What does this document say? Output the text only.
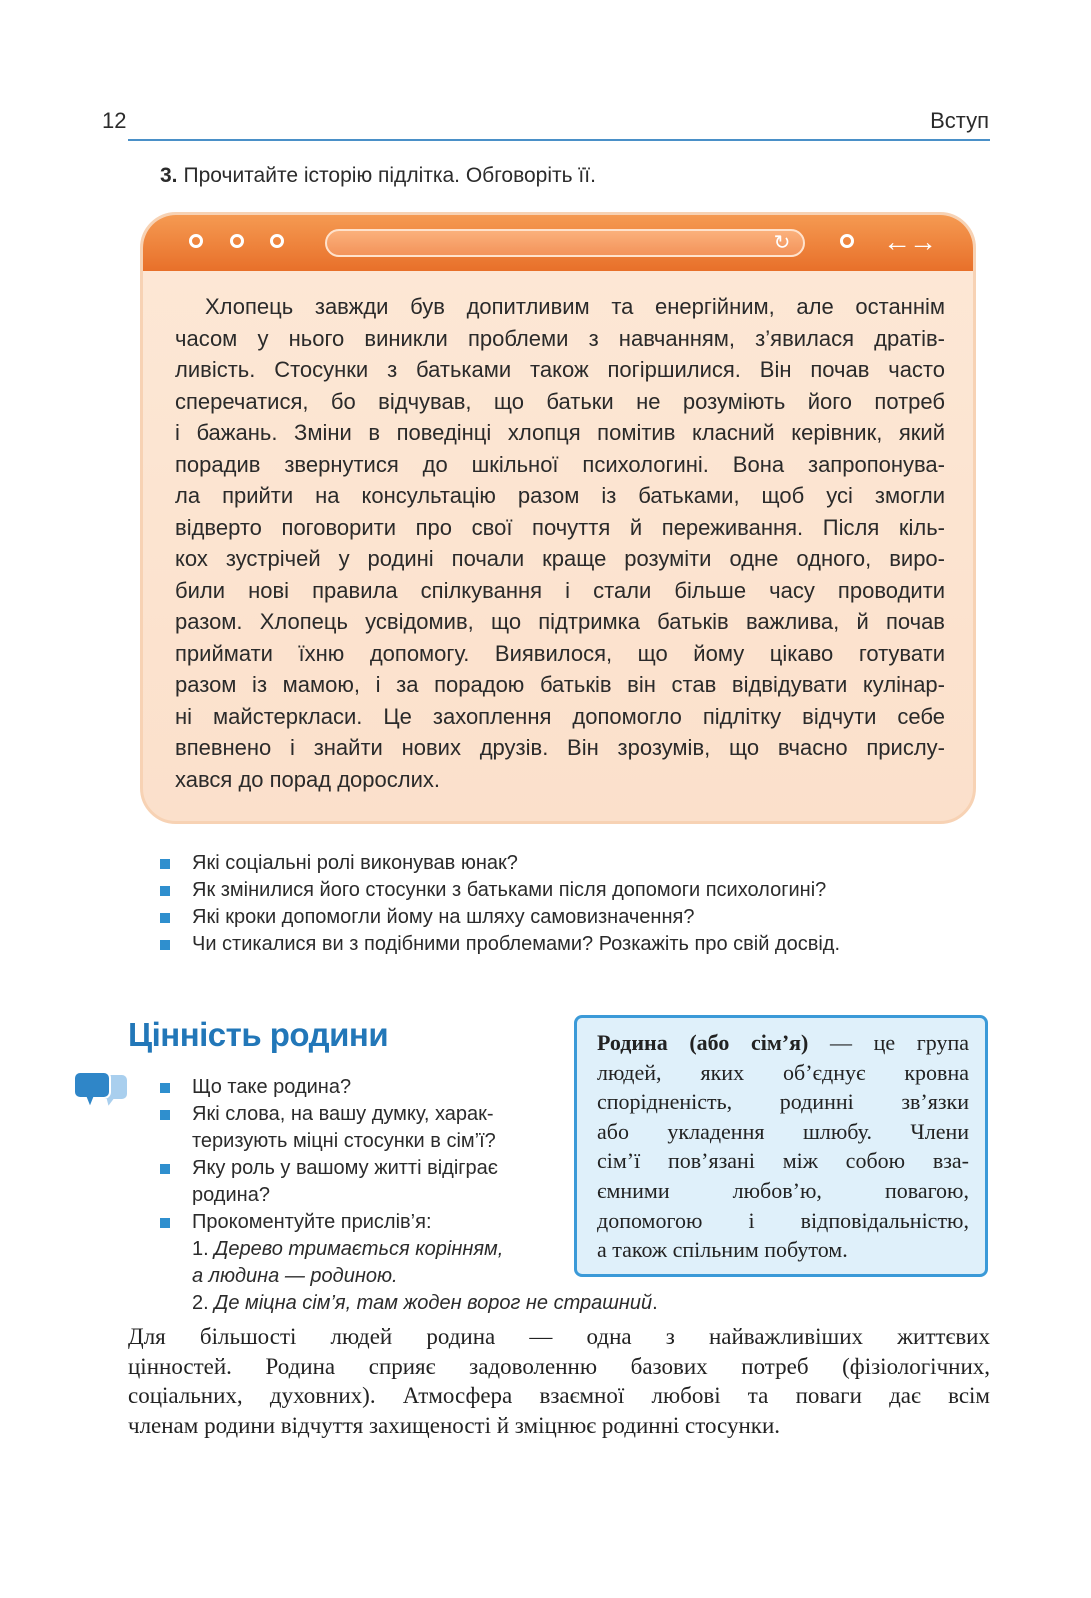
12	Вступ
3. Прочитайте історію підлітка. Обговоріть її.
↻	←→
Хлопець завжди був допитливим та енергійним, але останнім
часом у нього виникли проблеми з навчанням, з’явилася дратів-
ливість. Стосунки з батьками також погіршилися. Він почав часто
сперечатися, бо відчував, що батьки не розуміють його потреб
і бажань. Зміни в поведінці хлопця помітив класний керівник, який
порадив звернутися до шкільної психологині. Вона запропонува-
ла прийти на консультацію разом із батьками, щоб усі змогли
відверто поговорити про свої почуття й переживання. Після кіль-
кох зустрічей у родині почали краще розуміти одне одного, виро-
били нові правила спілкування і стали більше часу проводити
разом. Хлопець усвідомив, що підтримка батьків важлива, й почав
приймати їхню допомогу. Виявилося, що йому цікаво готувати
разом із мамою, і за порадою батьків він став відвідувати кулінар-
ні майстеркласи. Це захоплення допомогло підлітку відчути себе
впевнено і знайти нових друзів. Він зрозумів, що вчасно прислу-
хався до порад дорослих.
Які соціальні ролі виконував юнак?
Як змінилися його стосунки з батьками після допомоги психологині?
Які кроки допомогли йому на шляху самовизначення?
Чи стикалися ви з подібними проблемами? Розкажіть про свій досвід.
Цінність родини
Що таке родина?
Які слова, на вашу думку, харак-
теризують міцні стосунки в сім’ї?
Яку роль у вашому житті відіграє
родина?
Прокоментуйте прислів’я:
1. Дерево тримається корінням,
а людина — родиною.
2. Де міцна сім’я, там жоден ворог не страшний.
Родина (або сім’я) — це група
людей, яких об’єднує кровна
спорідненість, родинні зв’язки
або укладення шлюбу. Члени
сім’ї пов’язані між собою вза-
ємними любов’ю, повагою,
допомогою і відповідальністю,
а також спільним побутом.
Для більшості людей родина — одна з найважливіших життєвих
цінностей. Родина сприяє задоволенню базових потреб (фізіологічних,
соціальних, духовних). Атмосфера взаємної любові та поваги дає всім
членам родини відчуття захищеності й зміцнює родинні стосунки.
